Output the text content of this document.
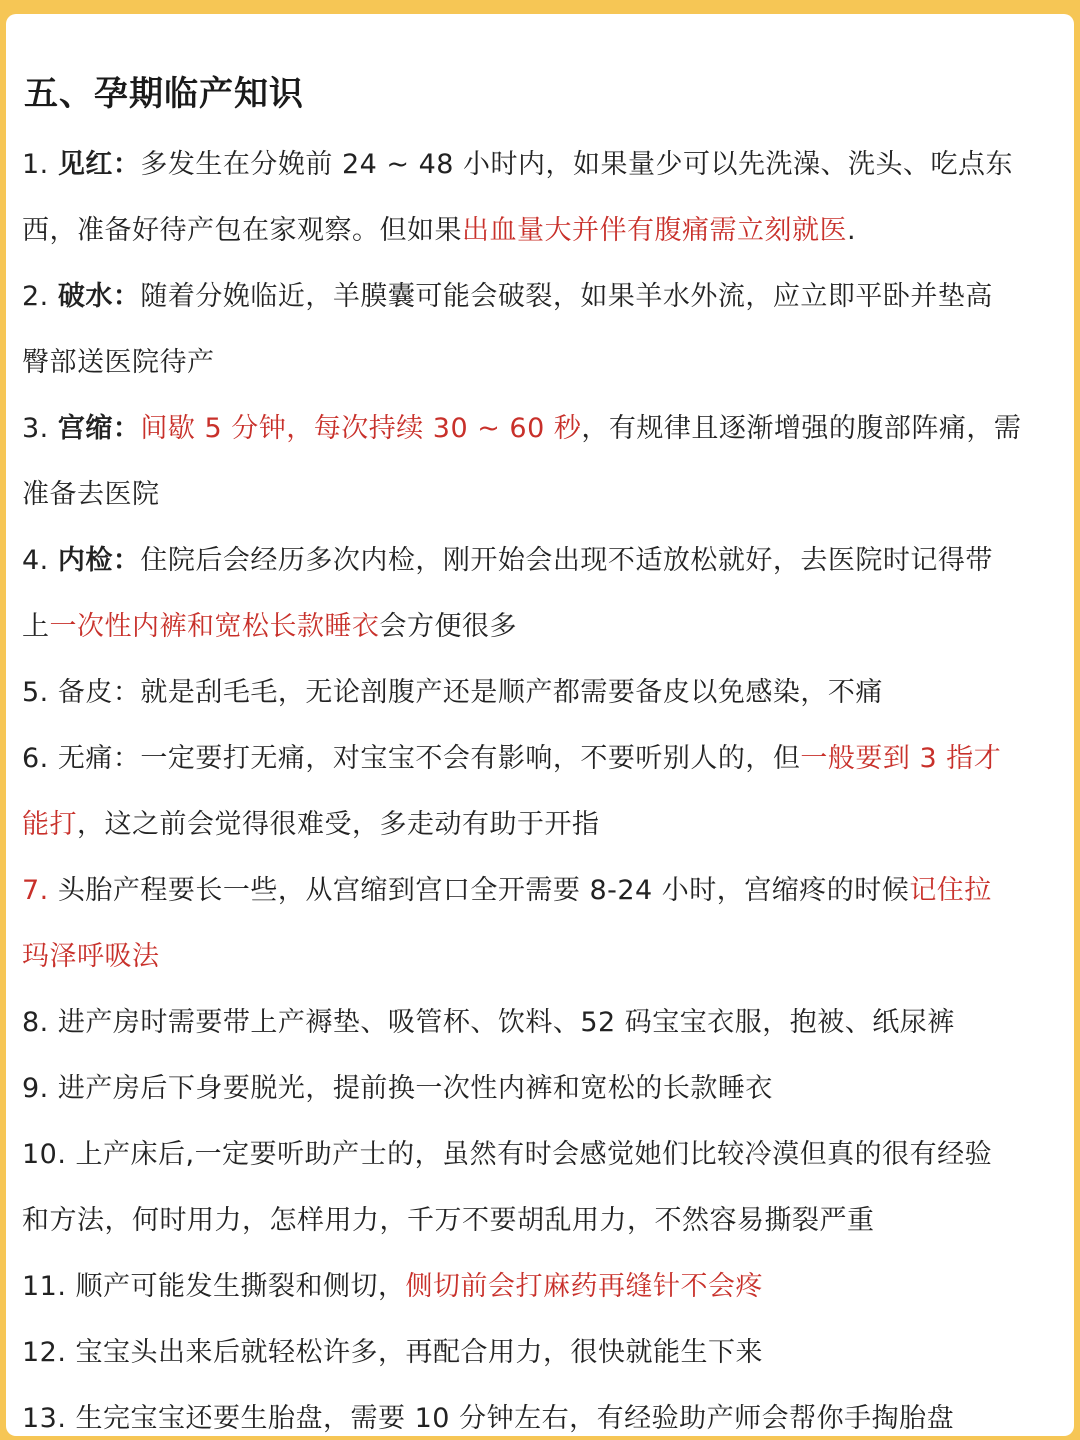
五、孕期临产知识
1. 见红：多发生在分娩前 24 ~ 48 小时内，如果量少可以先洗澡、洗头、吃点东
西，准备好待产包在家观察。但如果出血量大并伴有腹痛需立刻就医.
2. 破水：随着分娩临近，羊膜囊可能会破裂，如果羊水外流，应立即平卧并垫高
臀部送医院待产
3. 宫缩：间歇 5 分钟，每次持续 30 ~ 60 秒，有规律且逐渐增强的腹部阵痛，需
准备去医院
4. 内检：住院后会经历多次内检，刚开始会出现不适放松就好，去医院时记得带
上一次性内裤和宽松长款睡衣会方便很多
5. 备皮：就是刮毛毛，无论剖腹产还是顺产都需要备皮以免感染，不痛
6. 无痛：一定要打无痛，对宝宝不会有影响，不要听别人的，但一般要到 3 指才
能打，这之前会觉得很难受，多走动有助于开指
7. 头胎产程要长一些，从宫缩到宫口全开需要 8-24 小时，宫缩疼的时候记住拉
玛泽呼吸法
8. 进产房时需要带上产褥垫、吸管杯、饮料、52 码宝宝衣服，抱被、纸尿裤
9. 进产房后下身要脱光，提前换一次性内裤和宽松的长款睡衣
10. 上产床后,一定要听助产士的，虽然有时会感觉她们比较冷漠但真的很有经验
和方法，何时用力，怎样用力，千万不要胡乱用力，不然容易撕裂严重
11. 顺产可能发生撕裂和侧切，侧切前会打麻药再缝针不会疼
12. 宝宝头出来后就轻松许多，再配合用力，很快就能生下来
13. 生完宝宝还要生胎盘，需要 10 分钟左右，有经验助产师会帮你手掏胎盘
